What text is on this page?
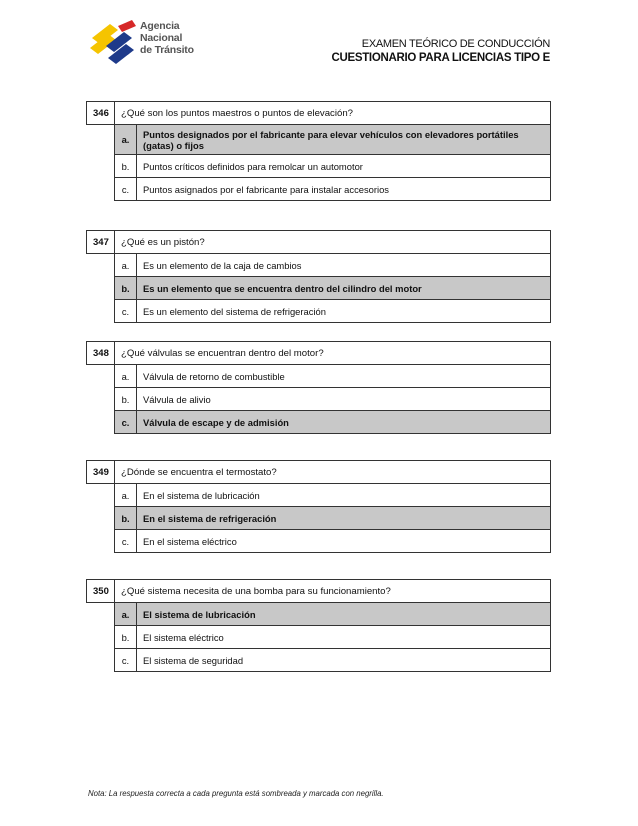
Agencia
Nacional
de Tránsito	EXAMEN TEÓRICO DE CONDUCCIÓN
CUESTIONARIO PARA LICENCIAS TIPO E
346	¿Qué son los puntos maestros o puntos de elevación?	
	a.	Puntos designados por el fabricante para elevar vehículos con elevadores portátiles (gatas) o fijos
	b.	Puntos críticos definidos para remolcar un automotor
	c.	Puntos asignados por el fabricante para instalar accesorios
347	¿Qué es un pistón?	
	a.	Es un elemento de la caja de cambios
	b.	Es un elemento que se encuentra dentro del cilindro del motor
	c.	Es un elemento del sistema de refrigeración
348	¿Qué válvulas se encuentran dentro del motor?	
	a.	Válvula de retorno de combustible
	b.	Válvula de alivio
	c.	Válvula de escape y de admisión
349	¿Dónde se encuentra el termostato?	
	a.	En el sistema de lubricación
	b.	En el sistema de refrigeración
	c.	En el sistema eléctrico
350	¿Qué sistema necesita de una bomba para su funcionamiento?	
	a.	El sistema de lubricación
	b.	El sistema eléctrico
	c.	El sistema de seguridad
Nota: La respuesta correcta a cada pregunta está sombreada y marcada con negrilla.
